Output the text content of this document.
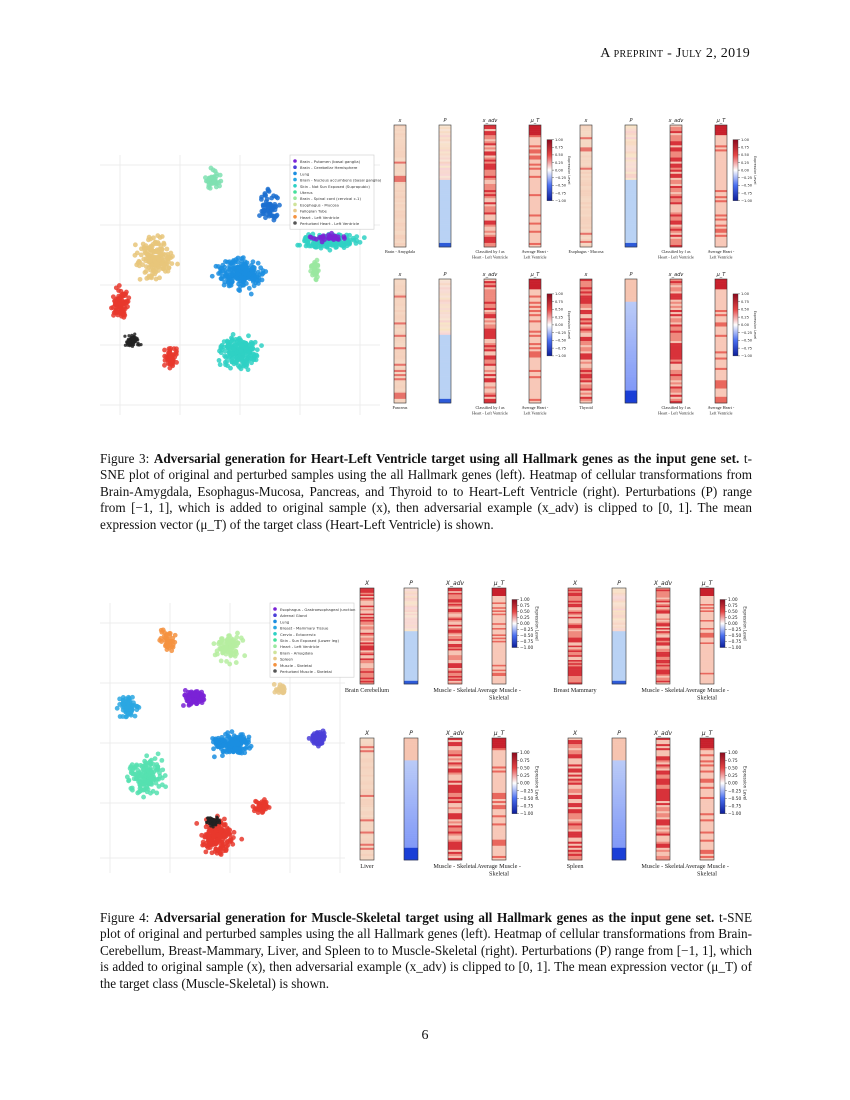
A preprint - July 2, 2019
Brain - Putamen (basal ganglia)
Brain - Cerebellar Hemisphere
Lung
Brain - Nucleus accumbens (basal ganglia)
Skin - Not Sun Exposed (Suprapubic)
Uterus
Brain - Spinal cord (cervical c-1)
Esophagus - Mucosa
Fallopian Tube
Heart - Left Ventricle
Perturbed Heart - Left Ventricle
x
Brain - Amygdala
P	x_adv
Classified by f as
Heart - Left Ventricle
μ_T
Average Heart -
Left Ventricle
1.00
0.75
0.50
0.25
0.00
−0.25
−0.50
−0.75
−1.00
Expression Level
x
Esophagus - Mucosa
P	x_adv
Classified by f as
Heart - Left Ventricle
μ_T
Average Heart -
Left Ventricle
1.00
0.75
0.50
0.25
0.00
−0.25
−0.50
−0.75
−1.00
Expression Level
x
Pancreas
P	x_adv
Classified by f as
Heart - Left Ventricle
μ_T
Average Heart -
Left Ventricle
1.00
0.75
0.50
0.25
0.00
−0.25
−0.50
−0.75
−1.00
Expression Level
x
Thyroid
P	x_adv
Classified by f as
Heart - Left Ventricle
μ_T
Average Heart -
Left Ventricle
1.00
0.75
0.50
0.25
0.00
−0.25
−0.50
−0.75
−1.00
Expression Level
Figure 3: Adversarial generation for Heart-Left Ventricle target using all Hallmark genes as the input gene set. t-SNE plot of original and perturbed samples using the all Hallmark genes (left). Heatmap of cellular transformations from Brain-Amygdala, Esophagus-Mucosa, Pancreas, and Thyroid to to Heart-Left Ventricle (right). Perturbations (P) range from [−1, 1], which is added to original sample (x), then adversarial example (x_adv) is clipped to [0, 1]. The mean expression vector (μ_T) of the target class (Heart-Left Ventricle) is shown.
Esophagus - Gastroesophageal Junction
Adrenal Gland
Lung
Breast - Mammary Tissue
Cervix - Ectocervix
Skin - Sun Exposed (Lower leg)
Heart - Left Ventricle
Brain - Amygdala
Spleen
Muscle - Skeletal
Perturbed Muscle - Skeletal
X
Brain Cerebellum
P	X_adv
Muscle - Skeletal
μ_T
Average Muscle -
Skeletal
1.00
0.75
0.50
0.25
0.00
−0.25
−0.50
−0.75
−1.00
Expression Level
X
Breast Mammary
P	X_adv
Muscle - Skeletal
μ_T
Average Muscle -
Skeletal
1.00
0.75
0.50
0.25
0.00
−0.25
−0.50
−0.75
−1.00
Expression Level
X
Liver
P	X_adv
Muscle - Skeletal
μ_T
Average Muscle -
Skeletal
1.00
0.75
0.50
0.25
0.00
−0.25
−0.50
−0.75
−1.00
Expression Level
X
Spleen
P	X_adv
Muscle - Skeletal
μ_T
Average Muscle -
Skeletal
1.00
0.75
0.50
0.25
0.00
−0.25
−0.50
−0.75
−1.00
Expression Level
Figure 4: Adversarial generation for Muscle-Skeletal target using all Hallmark genes as the input gene set. t-SNE plot of original and perturbed samples using the all Hallmark genes (left). Heatmap of cellular transformations from Brain-Cerebellum, Breast-Mammary, Liver, and Spleen to to Muscle-Skeletal (right). Perturbations (P) range from [−1, 1], which is added to original sample (x), then adversarial example (x_adv) is clipped to [0, 1]. The mean expression vector (μ_T) of the target class (Muscle-Skeletal) is shown.
6
